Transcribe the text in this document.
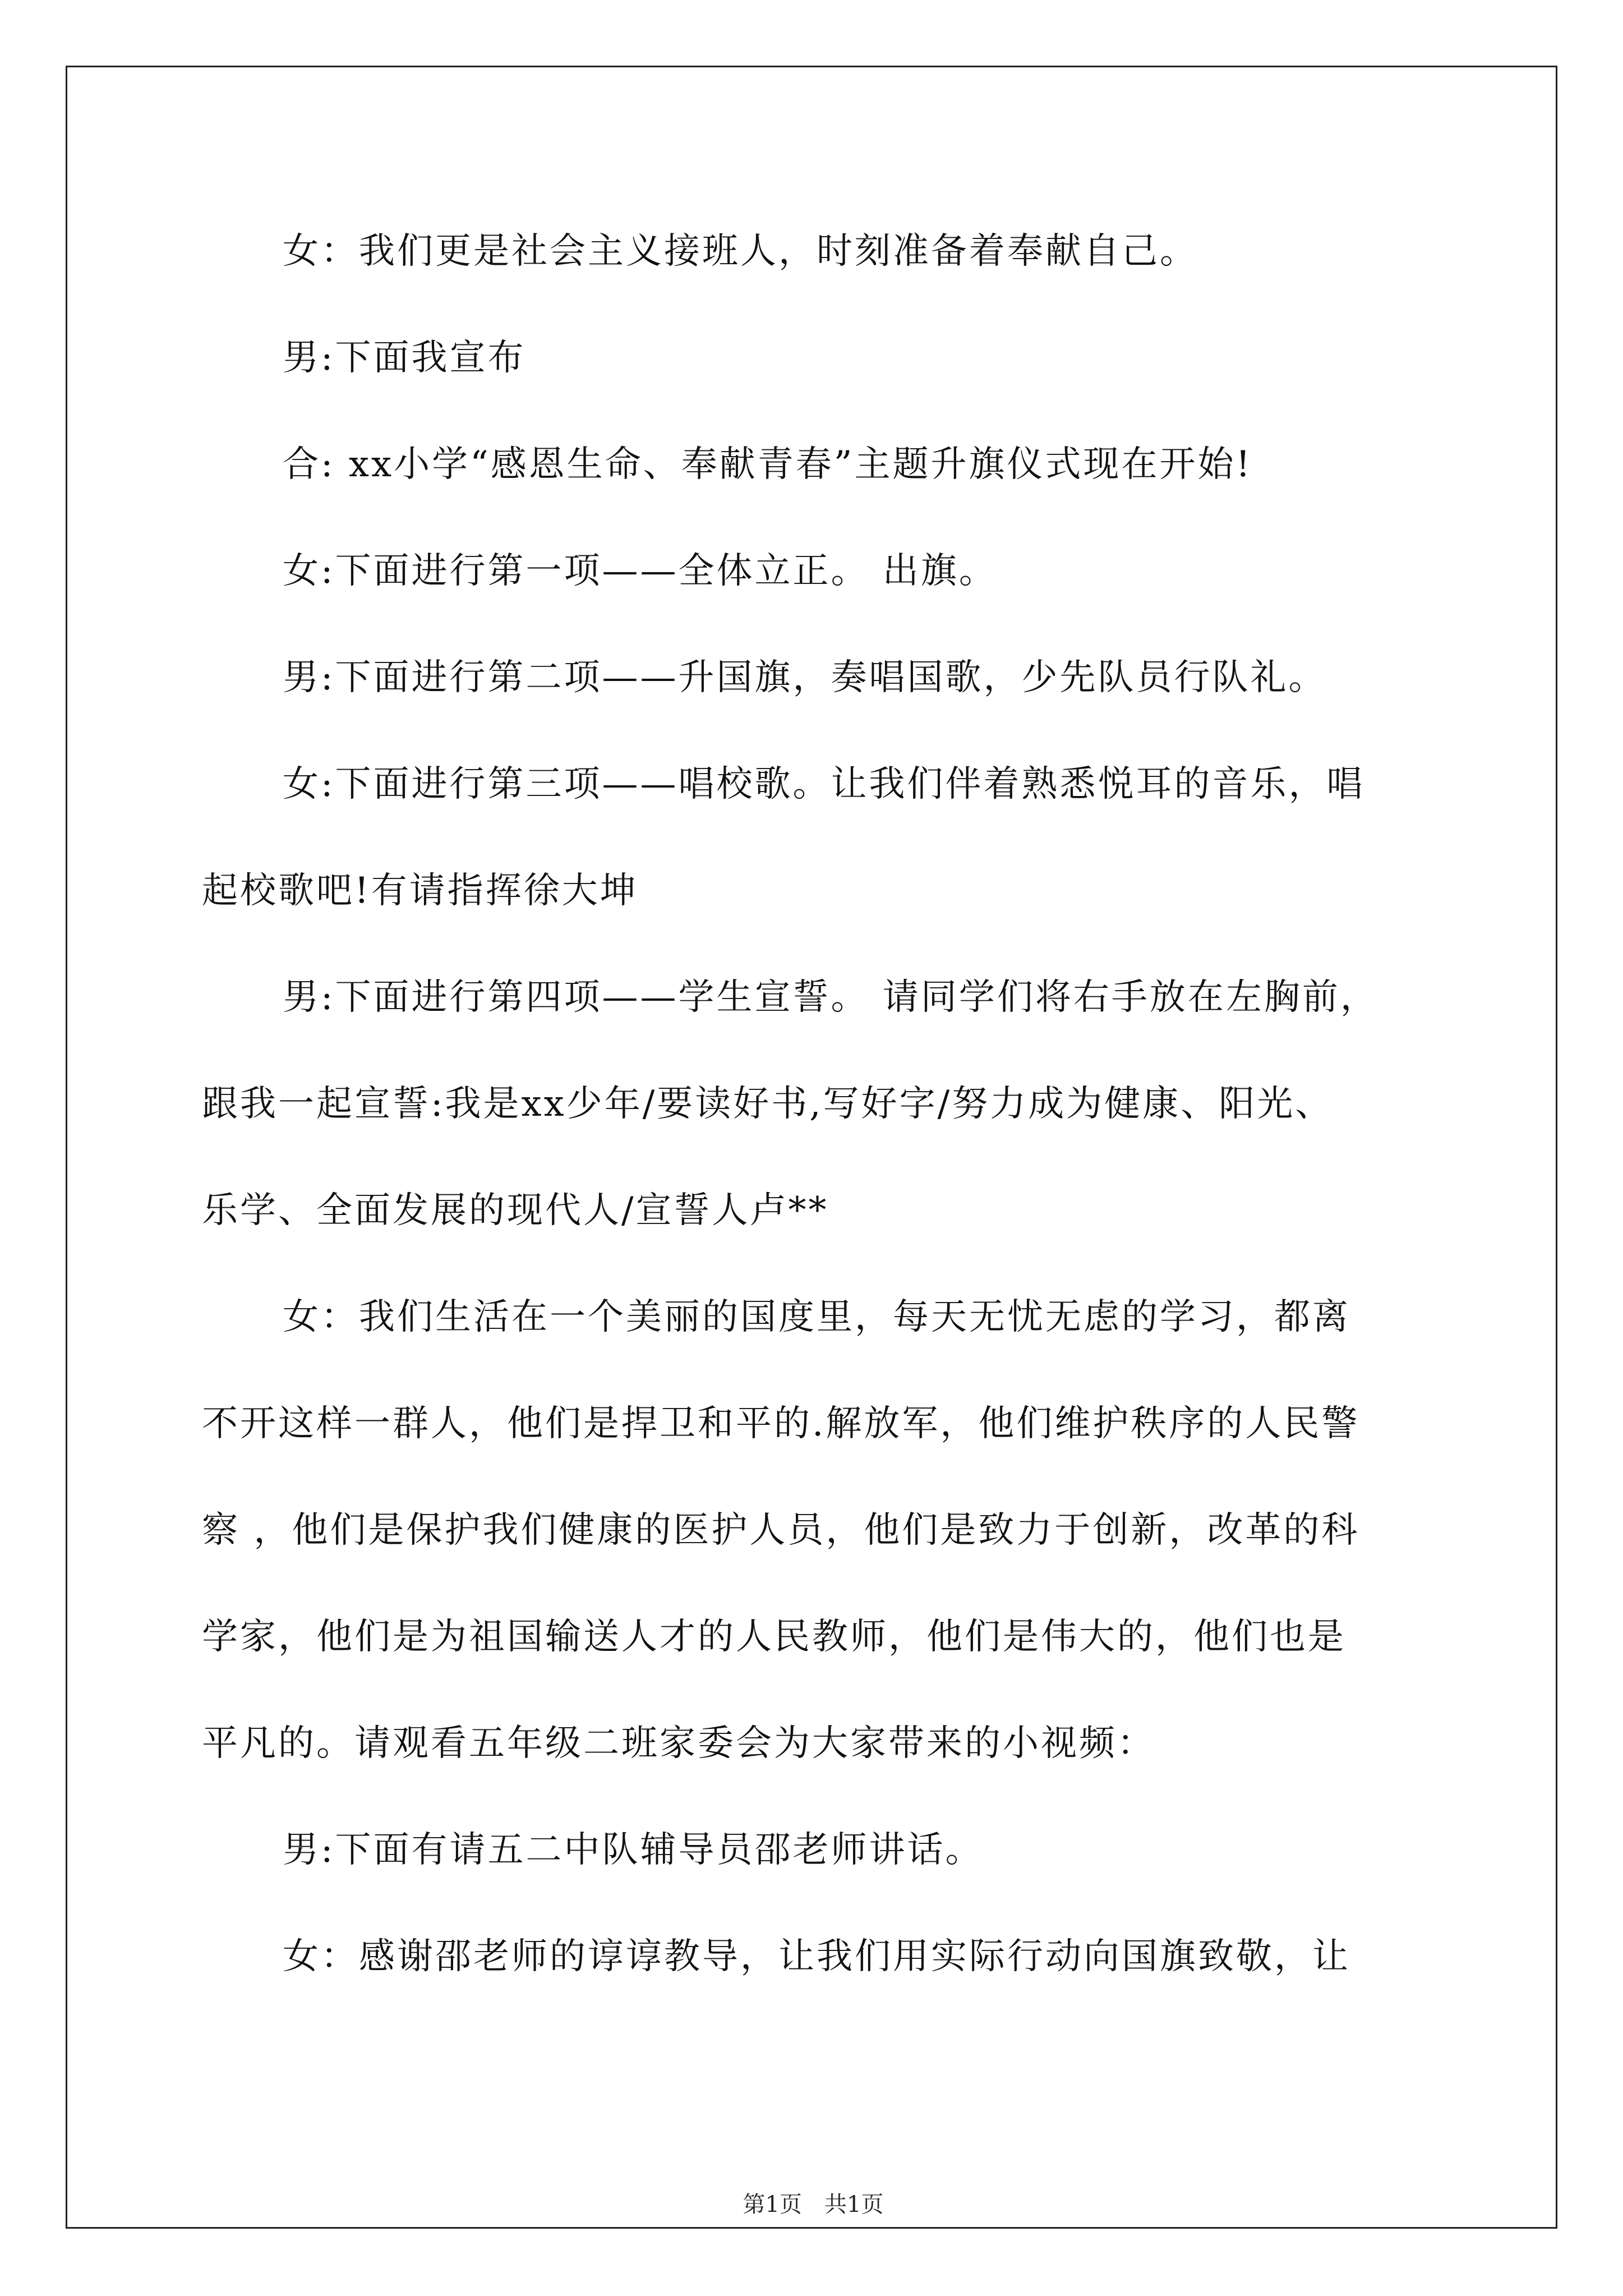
女：我们更是社会主义接班人，时刻准备着奉献自己。
男:下面我宣布
合: xx小学“感恩生命、奉献青春”主题升旗仪式现在开始!
女:下面进行第一项——全体立正。 出旗。
男:下面进行第二项——升国旗，奏唱国歌，少先队员行队礼。
女:下面进行第三项——唱校歌。让我们伴着熟悉悦耳的音乐，唱
起校歌吧!有请指挥徐大坤
男:下面进行第四项——学生宣誓。 请同学们将右手放在左胸前，
跟我一起宣誓:我是xx少年/要读好书,写好字/努力成为健康、阳光、
乐学、全面发展的现代人/宣誓人卢**
女：我们生活在一个美丽的国度里，每天无忧无虑的学习，都离
不开这样一群人，他们是捍卫和平的.解放军，他们维护秩序的人民警
察 ，他们是保护我们健康的医护人员，他们是致力于创新，改革的科
学家，他们是为祖国输送人才的人民教师，他们是伟大的，他们也是
平凡的。请观看五年级二班家委会为大家带来的小视频：
男:下面有请五二中队辅导员邵老师讲话。
女：感谢邵老师的谆谆教导，让我们用实际行动向国旗致敬，让
第1页　共1页
